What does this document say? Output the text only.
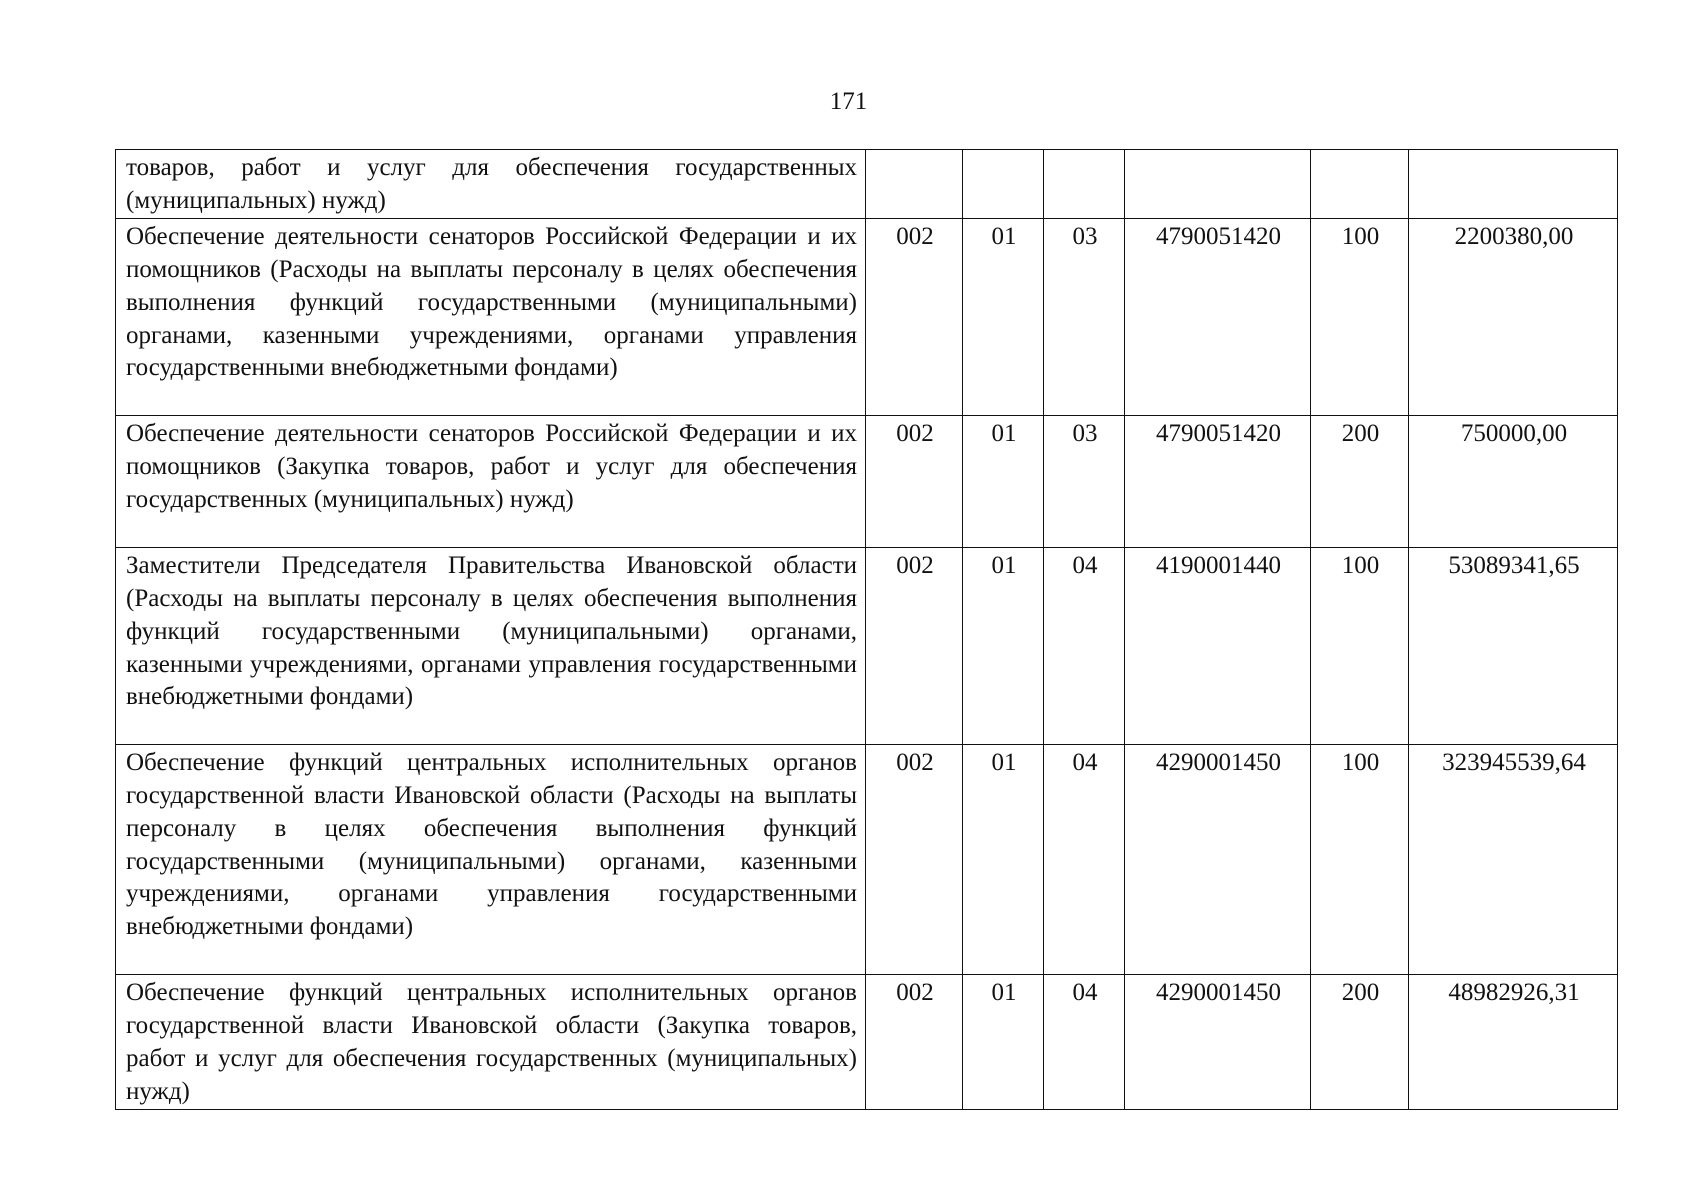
171
товаров, работ и услуг для обеспечения государственных (муниципальных) нужд)						
Обеспечение деятельности сенаторов Российской Федерации и их помощников (Расходы на выплаты персоналу в целях обеспечения выполнения функций государственными (муниципальными) органами, казенными учреждениями, органами управления государственными внебюджетными фондами)	002	01	03	4790051420	100	2200380,00
Обеспечение деятельности сенаторов Российской Федерации и их помощников (Закупка товаров, работ и услуг для обеспечения государственных (муниципальных) нужд)	002	01	03	4790051420	200	750000,00
Заместители Председателя Правительства Ивановской области (Расходы на выплаты персоналу в целях обеспечения выполнения функций государственными (муниципальными) органами, казенными учреждениями, органами управления государственными внебюджетными фондами)	002	01	04	4190001440	100	53089341,65
Обеспечение функций центральных исполнительных органов государственной власти Ивановской области (Расходы на выплаты персоналу в целях обеспечения выполнения функций государственными (муниципальными) органами, казенными учреждениями, органами управления государственными внебюджетными фондами)	002	01	04	4290001450	100	323945539,64
Обеспечение функций центральных исполнительных органов государственной власти Ивановской области (Закупка товаров, работ и услуг для обеспечения государственных (муниципальных) нужд)	002	01	04	4290001450	200	48982926,31
